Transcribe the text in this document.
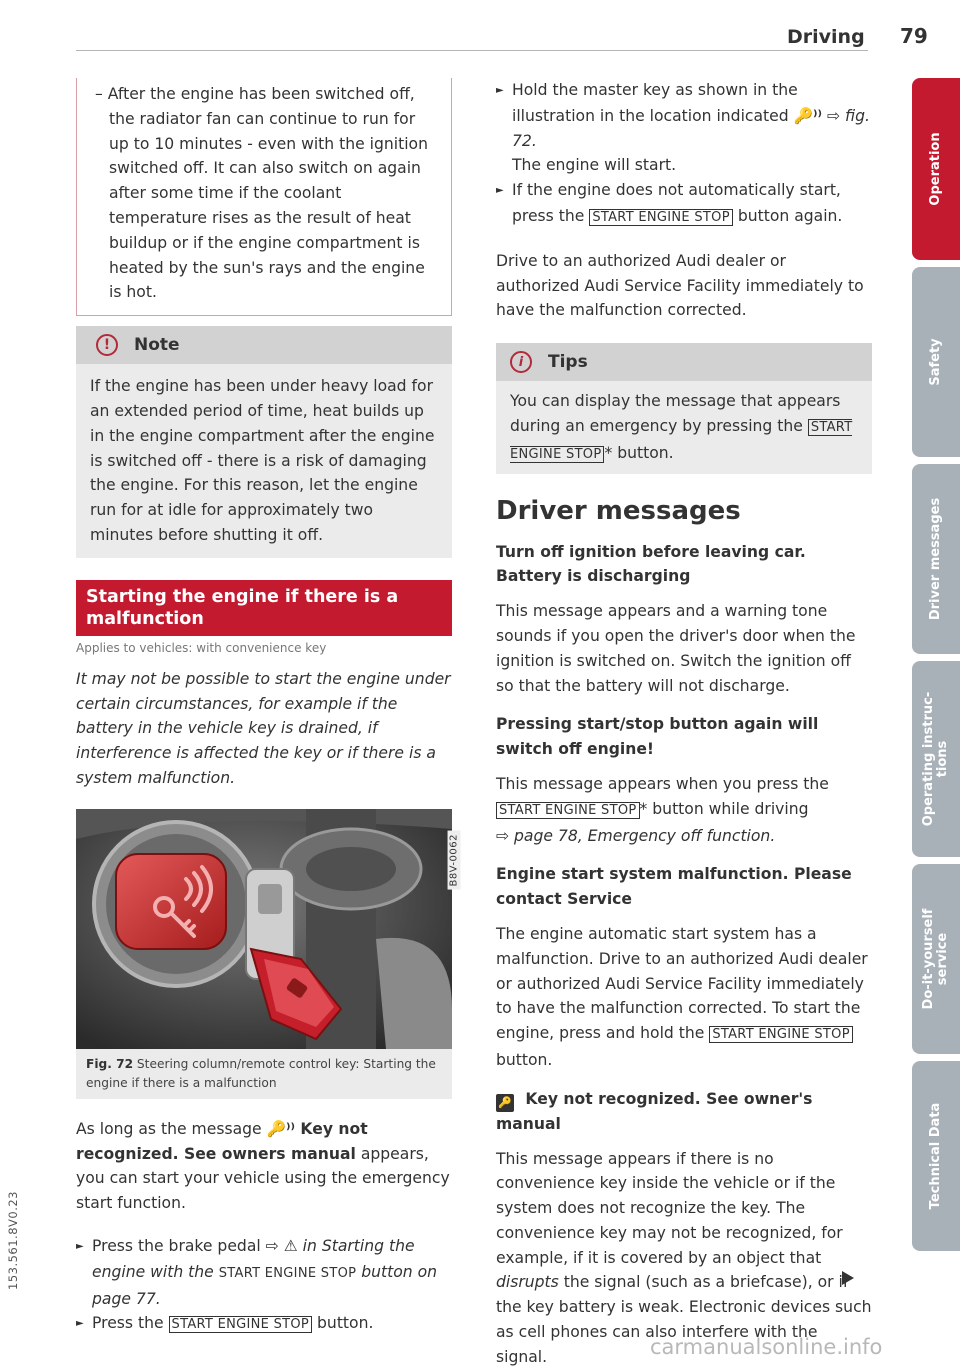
Driving 79

– After the engine has been switched off, the radiator fan can continue to run for up to 10 minutes - even with the ignition switched off. It can also switch on again after some time if the coolant temperature rises as the result of heat buildup or if the engine compartment is heated by the sun's rays and the engine is hot.

!	Note

If the engine has been under heavy load for an extended period of time, heat builds up in the engine compartment after the engine is switched off - there is a risk of damaging the engine. For this reason, let the engine run for at idle for approximately two minutes before shutting it off.

Starting the engine if there is a malfunction
Applies to vehicles: with convenience key

It may not be possible to start the engine under certain circumstances, for example if the battery in the vehicle key is drained, if interference is affected the key or if there is a system malfunction.

B8V-0062
Fig. 72 Steering column/remote control key: Starting the engine if there is a malfunction

As long as the message 🔑⁾⁾ Key not recognized. See owners manual appears, you can start your vehicle using the emergency start function.

► Press the brake pedal ⇨ ⚠ in Starting the engine with the START ENGINE STOP button on page 77.

► Press the START ENGINE STOP button.

► Hold the master key as shown in the illustration in the location indicated 🔑⁾⁾ ⇨ fig. 72.

The engine will start.

► If the engine does not automatically start, press the START ENGINE STOP button again.

Drive to an authorized Audi dealer or authorized Audi Service Facility immediately to have the malfunction corrected.

i	Tips

You can display the message that appears during an emergency by pressing the START ENGINE STOP * button.

Driver messages

Turn off ignition before leaving car. Battery is discharging

This message appears and a warning tone sounds if you open the driver's door when the ignition is switched on. Switch the ignition off so that the battery will not discharge.

Pressing start/stop button again will switch off engine!

This message appears when you press the START ENGINE STOP * button while driving
⇨ page 78, Emergency off function.

Engine start system malfunction. Please contact Service

The engine automatic start system has a malfunction. Drive to an authorized Audi dealer or authorized Audi Service Facility immediately to have the malfunction corrected. To start the engine, press and hold the START ENGINE STOP button.

🔑 Key not recognized. See owner's manual

This message appears if there is no convenience key inside the vehicle or if the system does not recognize the key. The convenience key may not be recognized, for example, if it is covered by an object that disrupts the signal (such as a briefcase), or if the key battery is weak. Electronic devices such as cell phones can also interfere with the signal.

Operation
Safety
Driver messages
Operating instruc-
tions
Do-it-yourself
service
Technical Data
153.561.8V0.23
carmanualsonline.info
